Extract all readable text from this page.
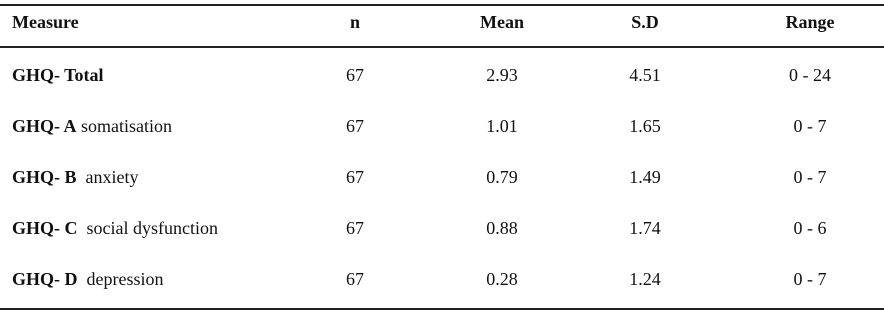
Measure	n	Mean	S.D	Range
GHQ- Total	67	2.93	4.51	0 - 24
GHQ- A somatisation	67	1.01	1.65	0 - 7
GHQ- B  anxiety	67	0.79	1.49	0 - 7
GHQ- C  social dysfunction	67	0.88	1.74	0 - 6
GHQ- D  depression	67	0.28	1.24	0 - 7
